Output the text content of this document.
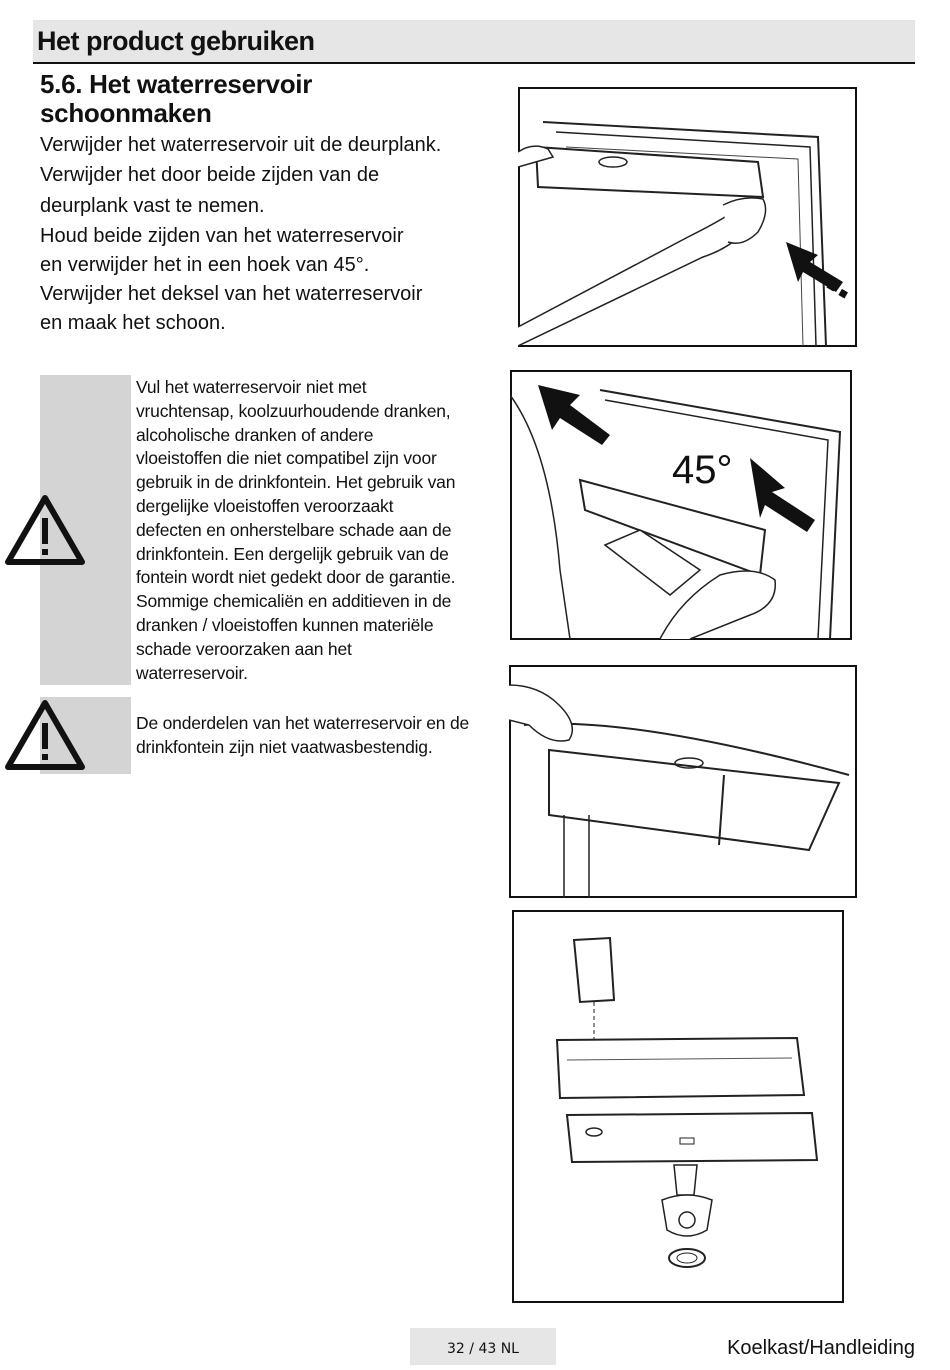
Het product gebruiken
5.6. Het waterreservoir
schoonmaken

Verwijder het waterreservoir uit de deurplank.

Verwijder het door beide zijden van de deurplank vast te nemen.

Houd beide zijden van het waterreservoir en verwijder het in een hoek van 45°.

Verwijder het deksel van het waterreservoir en maak het schoon.

Vul het waterreservoir niet met vruchtensap, koolzuurhoudende dranken, alcoholische dranken of andere vloeistoffen die niet compatibel zijn voor gebruik in de drinkfontein. Het gebruik van dergelijke vloeistoffen veroorzaakt defecten en onherstelbare schade aan de drinkfontein. Een dergelijk gebruik van de fontein wordt niet gedekt door de garantie. Sommige chemicaliën en additieven in de dranken / vloeistoffen kunnen materiële schade veroorzaken aan het waterreservoir.
De onderdelen van het waterreservoir en de drinkfontein zijn niet vaatwasbestendig.
45°
32 / 43 NL	Koelkast/Handleiding
